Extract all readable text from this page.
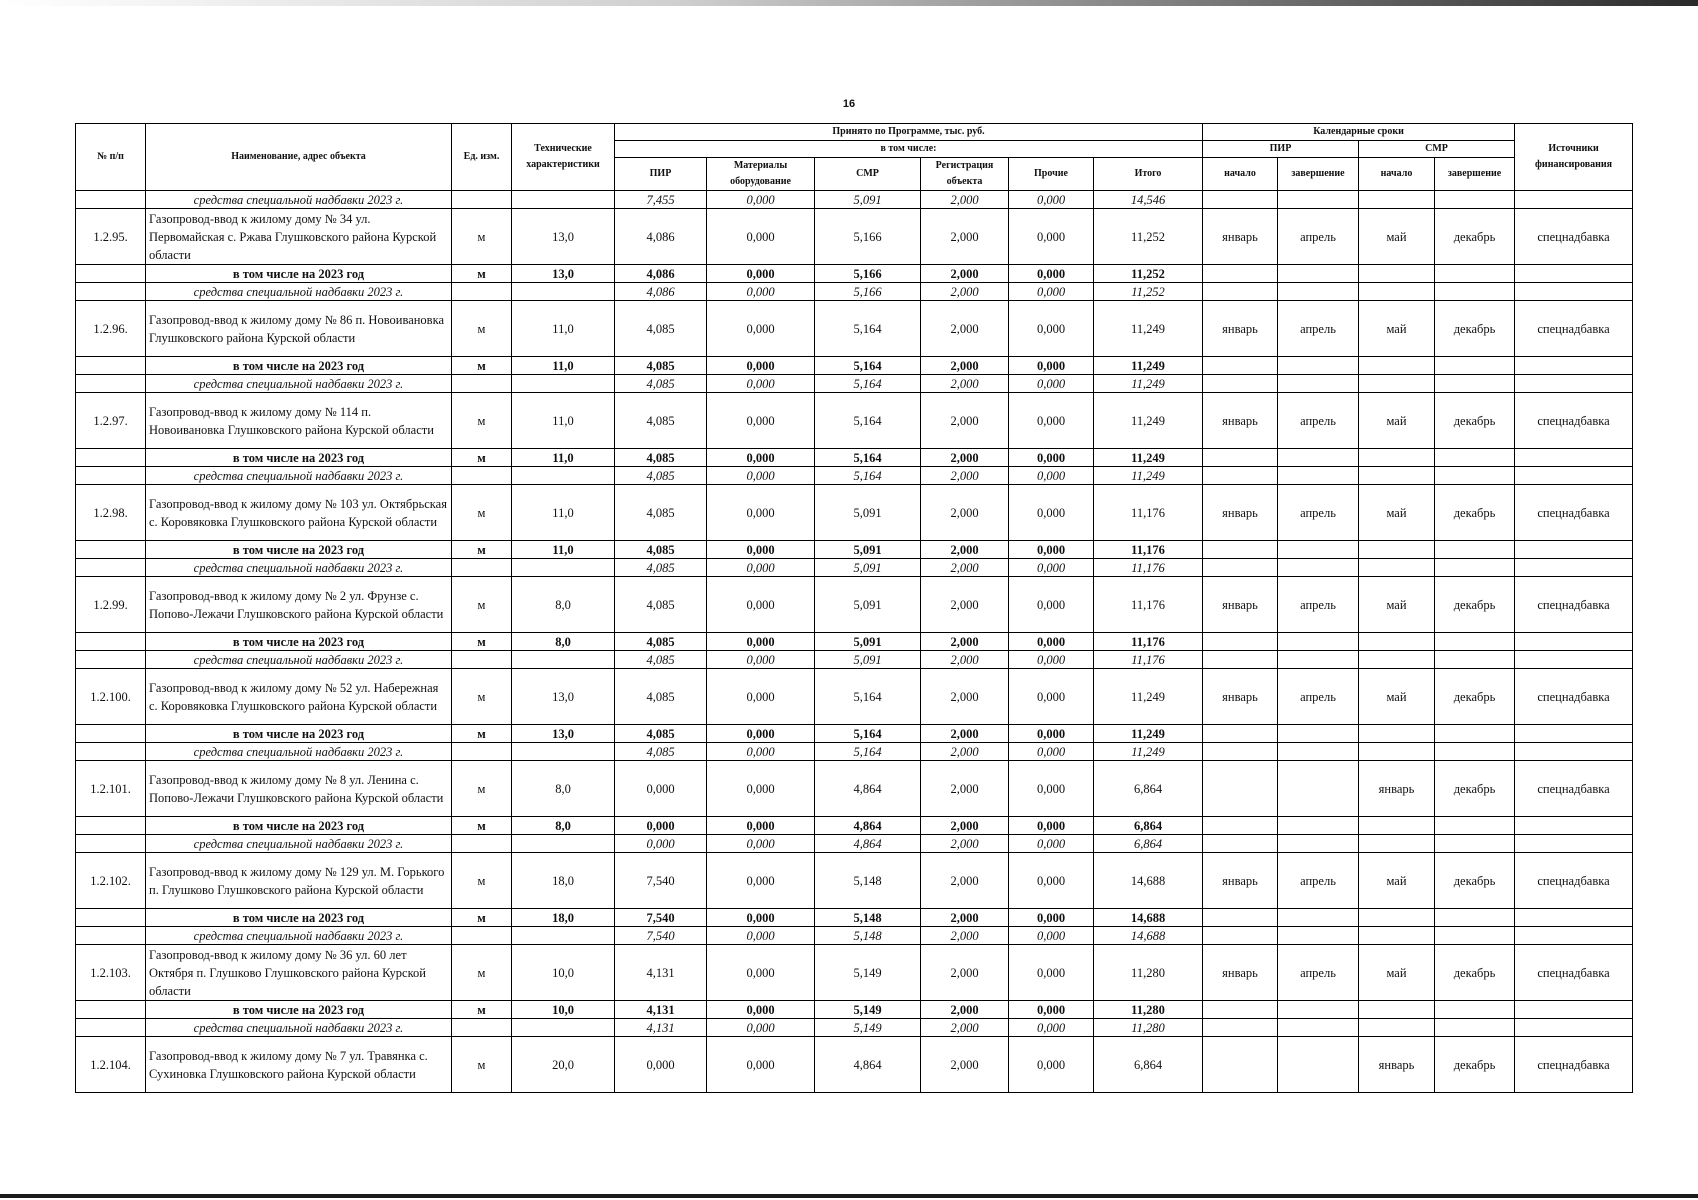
16
№ п/п	Наименование, адрес объекта	Ед. изм.	Технические характеристики	Принято по Программе, тыс. руб.						Календарные сроки				Источники финансирования
				в том числе:						ПИР		СМР		
				ПИР	Материалы оборудование	СМР	Регистрация объекта	Прочие	Итого	начало	завершение	начало	завершение	
	средства специальной надбавки 2023 г.			7,455	0,000	5,091	2,000	0,000	14,546					
1.2.95.	Газопровод-ввод к жилому дому № 34 ул. Первомайская с. Ржава Глушковского района Курской области	м	13,0	4,086	0,000	5,166	2,000	0,000	11,252	январь	апрель	май	декабрь	спецнадбавка
	в том числе на 2023 год	м	13,0	4,086	0,000	5,166	2,000	0,000	11,252					
	средства специальной надбавки 2023 г.			4,086	0,000	5,166	2,000	0,000	11,252					
1.2.96.	Газопровод-ввод к жилому дому № 86 п. Новоивановка Глушковского района Курской области	м	11,0	4,085	0,000	5,164	2,000	0,000	11,249	январь	апрель	май	декабрь	спецнадбавка
	в том числе на 2023 год	м	11,0	4,085	0,000	5,164	2,000	0,000	11,249					
	средства специальной надбавки 2023 г.			4,085	0,000	5,164	2,000	0,000	11,249					
1.2.97.	Газопровод-ввод к жилому дому № 114 п. Новоивановка Глушковского района Курской области	м	11,0	4,085	0,000	5,164	2,000	0,000	11,249	январь	апрель	май	декабрь	спецнадбавка
	в том числе на 2023 год	м	11,0	4,085	0,000	5,164	2,000	0,000	11,249					
	средства специальной надбавки 2023 г.			4,085	0,000	5,164	2,000	0,000	11,249					
1.2.98.	Газопровод-ввод к жилому дому № 103 ул. Октябрьская с. Коровяковка Глушковского района Курской области	м	11,0	4,085	0,000	5,091	2,000	0,000	11,176	январь	апрель	май	декабрь	спецнадбавка
	в том числе на 2023 год	м	11,0	4,085	0,000	5,091	2,000	0,000	11,176					
	средства специальной надбавки 2023 г.			4,085	0,000	5,091	2,000	0,000	11,176					
1.2.99.	Газопровод-ввод к жилому дому № 2 ул. Фрунзе с. Попово-Лежачи Глушковского района Курской области	м	8,0	4,085	0,000	5,091	2,000	0,000	11,176	январь	апрель	май	декабрь	спецнадбавка
	в том числе на 2023 год	м	8,0	4,085	0,000	5,091	2,000	0,000	11,176					
	средства специальной надбавки 2023 г.			4,085	0,000	5,091	2,000	0,000	11,176					
1.2.100.	Газопровод-ввод к жилому дому № 52 ул. Набережная с. Коровяковка Глушковского района Курской области	м	13,0	4,085	0,000	5,164	2,000	0,000	11,249	январь	апрель	май	декабрь	спецнадбавка
	в том числе на 2023 год	м	13,0	4,085	0,000	5,164	2,000	0,000	11,249					
	средства специальной надбавки 2023 г.			4,085	0,000	5,164	2,000	0,000	11,249					
1.2.101.	Газопровод-ввод к жилому дому № 8 ул. Ленина с. Попово-Лежачи Глушковского района Курской области	м	8,0	0,000	0,000	4,864	2,000	0,000	6,864			январь	декабрь	спецнадбавка
	в том числе на 2023 год	м	8,0	0,000	0,000	4,864	2,000	0,000	6,864					
	средства специальной надбавки 2023 г.			0,000	0,000	4,864	2,000	0,000	6,864					
1.2.102.	Газопровод-ввод к жилому дому № 129 ул. М. Горького п. Глушково Глушковского района Курской области	м	18,0	7,540	0,000	5,148	2,000	0,000	14,688	январь	апрель	май	декабрь	спецнадбавка
	в том числе на 2023 год	м	18,0	7,540	0,000	5,148	2,000	0,000	14,688					
	средства специальной надбавки 2023 г.			7,540	0,000	5,148	2,000	0,000	14,688					
1.2.103.	Газопровод-ввод к жилому дому № 36 ул. 60 лет Октября п. Глушково Глушковского района Курской области	м	10,0	4,131	0,000	5,149	2,000	0,000	11,280	январь	апрель	май	декабрь	спецнадбавка
	в том числе на 2023 год	м	10,0	4,131	0,000	5,149	2,000	0,000	11,280					
	средства специальной надбавки 2023 г.			4,131	0,000	5,149	2,000	0,000	11,280					
1.2.104.	Газопровод-ввод к жилому дому № 7 ул. Травянка с. Сухиновка Глушковского района Курской области	м	20,0	0,000	0,000	4,864	2,000	0,000	6,864			январь	декабрь	спецнадбавка
